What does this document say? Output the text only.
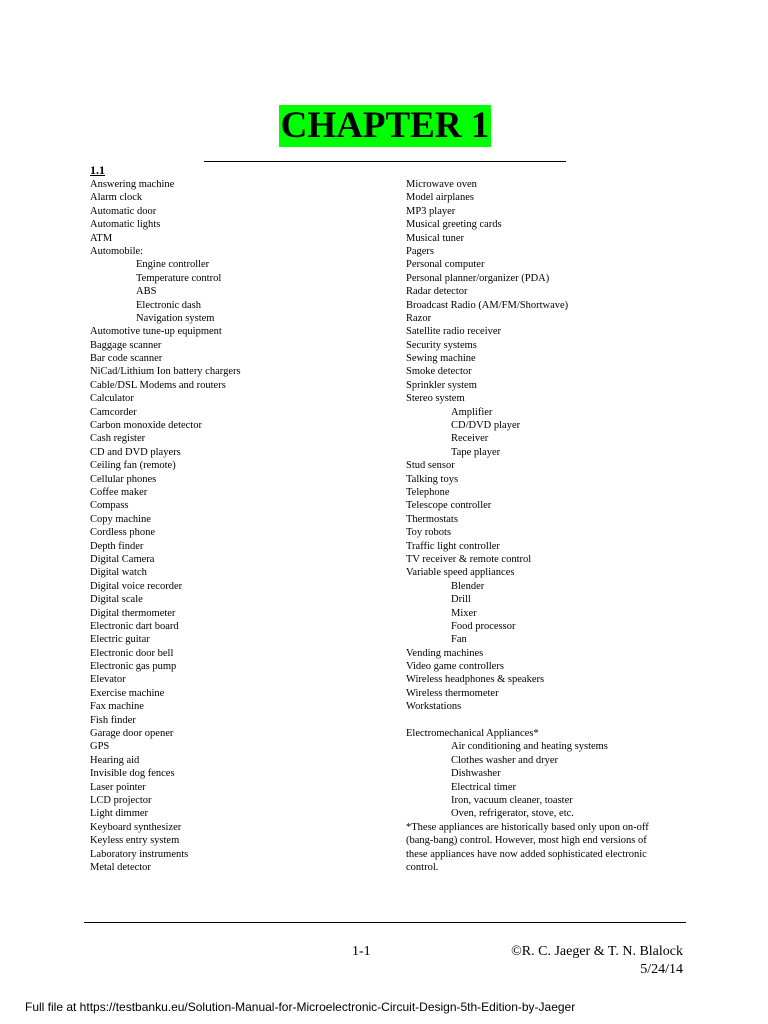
CHAPTER 1
1.1
Answering machine
Alarm clock
Automatic door
Automatic lights
ATM
Automobile:
Engine controller
Temperature control
ABS
Electronic dash
Navigation system
Automotive tune-up equipment
Baggage scanner
Bar code scanner
NiCad/Lithium Ion battery chargers
Cable/DSL Modems and routers
Calculator
Camcorder
Carbon monoxide detector
Cash register
CD and DVD players
Ceiling fan (remote)
Cellular phones
Coffee maker
Compass
Copy machine
Cordless phone
Depth finder
Digital Camera
Digital watch
Digital voice recorder
Digital scale
Digital thermometer
Electronic dart board
Electric guitar
Electronic door bell
Electronic gas pump
Elevator
Exercise machine
Fax machine
Fish finder
Garage door opener
GPS
Hearing aid
Invisible dog fences
Laser pointer
LCD projector
Light dimmer
Keyboard synthesizer
Keyless entry system
Laboratory instruments
Metal detector
Microwave oven
Model airplanes
MP3 player
Musical greeting cards
Musical tuner
Pagers
Personal computer
Personal planner/organizer (PDA)
Radar detector
Broadcast Radio (AM/FM/Shortwave)
Razor
Satellite radio receiver
Security systems
Sewing machine
Smoke detector
Sprinkler system
Stereo system
Amplifier
CD/DVD player
Receiver
Tape player
Stud sensor
Talking toys
Telephone
Telescope controller
Thermostats
Toy robots
Traffic light controller
TV receiver & remote control
Variable speed appliances
Blender
Drill
Mixer
Food processor
Fan
Vending machines
Video game controllers
Wireless headphones & speakers
Wireless thermometer
Workstations
Electromechanical Appliances*
Air conditioning and heating systems
Clothes washer and dryer
Dishwasher
Electrical timer
Iron, vacuum cleaner, toaster
Oven, refrigerator, stove, etc.
*These appliances are historically based only upon on-off
(bang-bang) control. However, most high end versions of
these appliances have now added sophisticated electronic
control.
1-1	©R. C. Jaeger & T. N. Blalock
5/24/14
Full file at https://testbanku.eu/Solution-Manual-for-Microelectronic-Circuit-Design-5th-Edition-by-Jaeger
